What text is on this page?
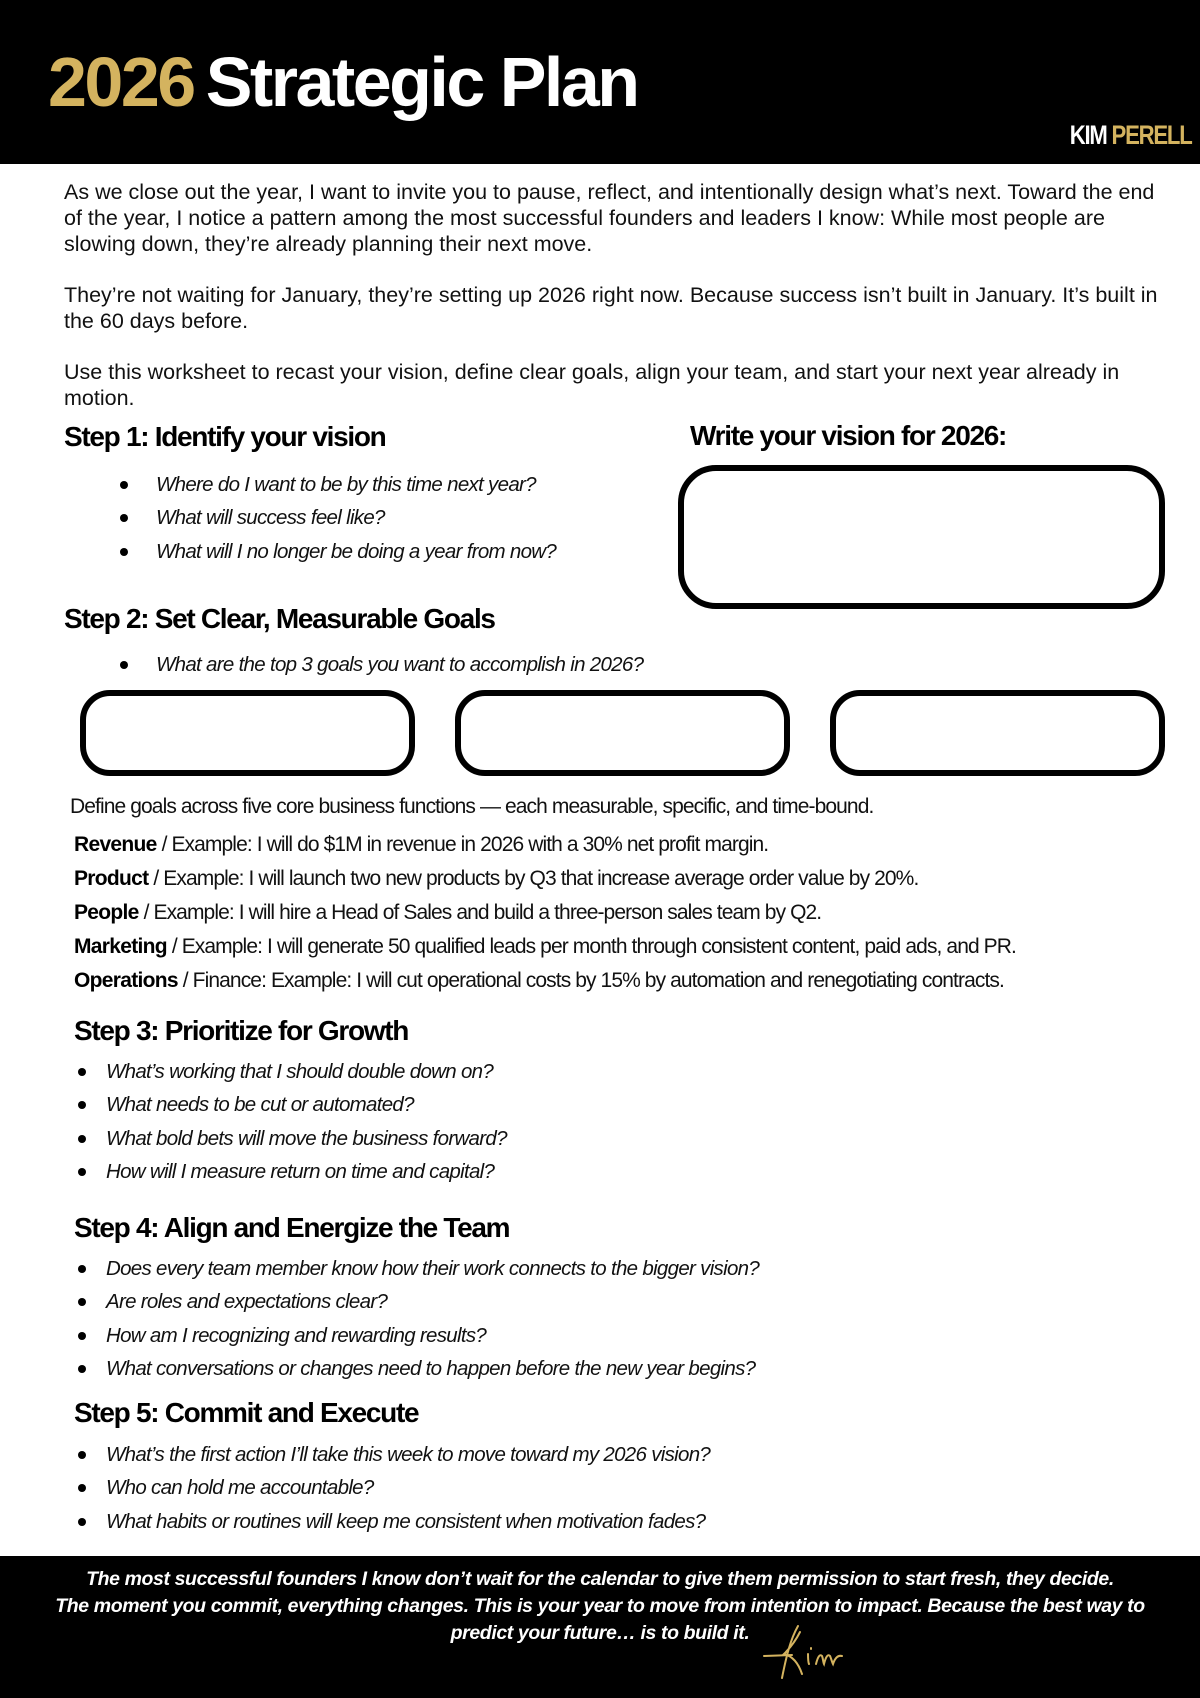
2026 Strategic Plan
KIM PERELL

As we close out the year, I want to invite you to pause, reflect, and intentionally design what’s next. Toward the end of the year, I notice a pattern among the most successful founders and leaders I know: While most people are slowing down, they’re already planning their next move.

They’re not waiting for January, they’re setting up 2026 right now. Because success isn’t built in January. It’s built in the 60 days before.

Use this worksheet to recast your vision, define clear goals, align your team, and start your next year already in motion.

Step 1: Identify your vision
Where do I want to be by this time next year?
What will success feel like?
What will I no longer be doing a year from now?
Write your vision for 2026:
Step 2: Set Clear, Measurable Goals
What are the top 3 goals you want to accomplish in 2026?
Define goals across five core business functions — each measurable, specific, and time-bound.
Revenue / Example: I will do $1M in revenue in 2026 with a 30% net profit margin.
Product / Example: I will launch two new products by Q3 that increase average order value by 20%.
People / Example: I will hire a Head of Sales and build a three-person sales team by Q2.
Marketing / Example: I will generate 50 qualified leads per month through consistent content, paid ads, and PR.
Operations / Finance: Example: I will cut operational costs by 15% by automation and renegotiating contracts.
Step 3: Prioritize for Growth
What’s working that I should double down on?
What needs to be cut or automated?
What bold bets will move the business forward?
How will I measure return on time and capital?
Step 4: Align and Energize the Team
Does every team member know how their work connects to the bigger vision?
Are roles and expectations clear?
How am I recognizing and rewarding results?
What conversations or changes need to happen before the new year begins?
Step 5: Commit and Execute
What’s the first action I’ll take this week to move toward my 2026 vision?
Who can hold me accountable?
What habits or routines will keep me consistent when motivation fades?

The most successful founders I know don’t wait for the calendar to give them permission to start fresh, they decide.

The moment you commit, everything changes. This is your year to move from intention to impact. Because the best way to

predict your future… is to build it.
